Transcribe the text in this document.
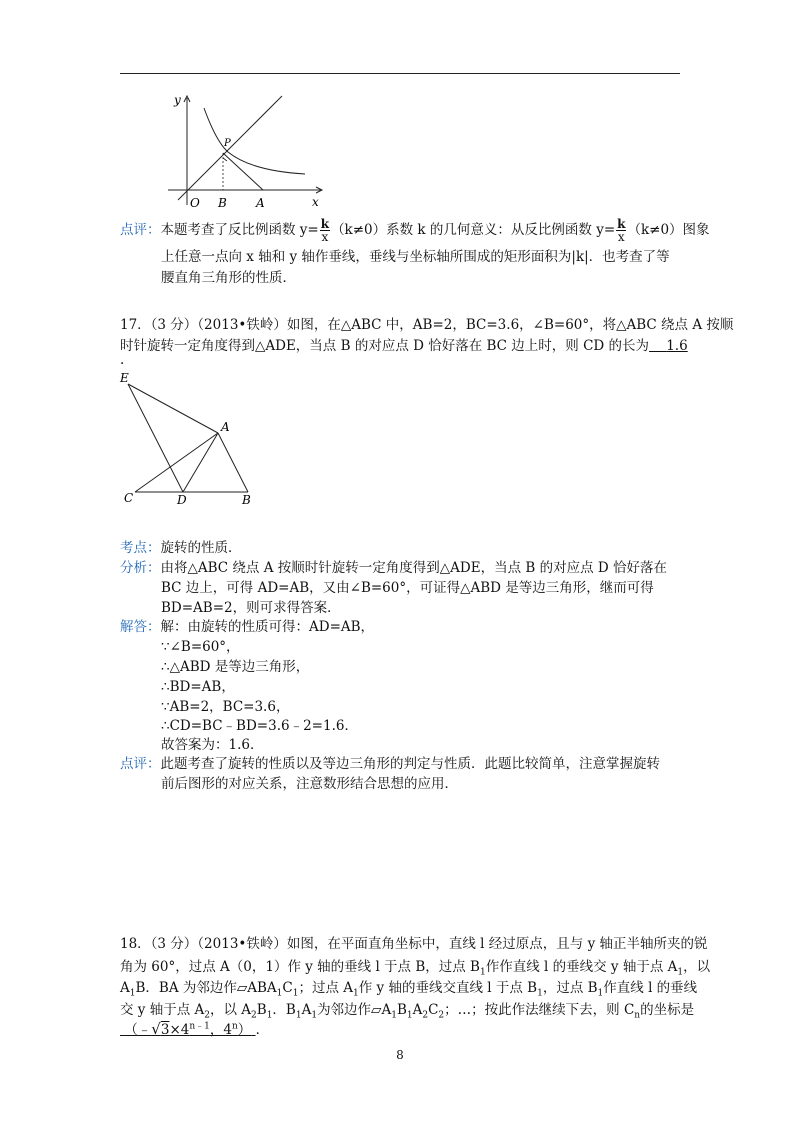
y
x
O B A
P
点评：本题考查了反比例函数 $y= \frac{k}{x} (k\ne 0)$系数 k 的几何意义：从反比例函数 $y= \frac{k}{x} (k\ne 0)$图象
上任意一点向 x 轴和 y 轴作垂线，垂线与坐标轴所围成的矩形面积为|k|．也考查了等
腰直角三角形的性质．
17．（3 分）（2013•铁岭）如图，在△ABC 中，AB=2，BC=3.6，∠B=60°，将△ABC 绕点 A 按顺
时针旋转一定角度得到△ADE，当点 B 的对应点 D 恰好落在 BC 边上时，则 CD 的长为 1.6
.
E
A
C	D	B
考点：旋转的性质．
分析：由将△ABC 绕点 A 按顺时针旋转一定角度得到△ADE，当点 B 的对应点 D 恰好落在
BC 边上，可得 AD=AB，又由∠B=60°，可证得△ABD 是等边三角形，继而可得
BD=AB=2，则可求得答案．
解答：解：由旋转的性质可得：AD=AB，
∵∠B=60°，
∴△ABD 是等边三角形，
∴BD=AB，
∵AB=2，BC=3.6，
∴CD=BC﹣BD=3.6﹣2=1.6．
故答案为：1.6．
点评：此题考查了旋转的性质以及等边三角形的判定与性质．此题比较简单，注意掌握旋转
前后图形的对应关系，注意数形结合思想的应用．
18．（3 分）（2013•铁岭）如图，在平面直角坐标中，直线 l 经过原点，且与 y 轴正半轴所夹的锐
角为 60°，过点 A（0，1）作 y 轴的垂线 l 于点 B，过点 $B_1$作作直线 l 的垂线交 y 轴于点 $A_1$，以
$A_1B$．BA 为邻边作$▱ABA_1C_1$；过点 $A_1$作 y 轴的垂线交直线 l 于点 $B_1$，过点 $B_1$作直线 l 的垂线
交 y 轴于点 $A_2$，以 $A_2B_1$．$B_1A_1$为邻边作$▱A_1B_1A_2C_2$；…；按此作法继续下去，则 $C_n$的坐标是
（$﹣√3\times 4^{n﹣1}$，4$^n$） ．
8
